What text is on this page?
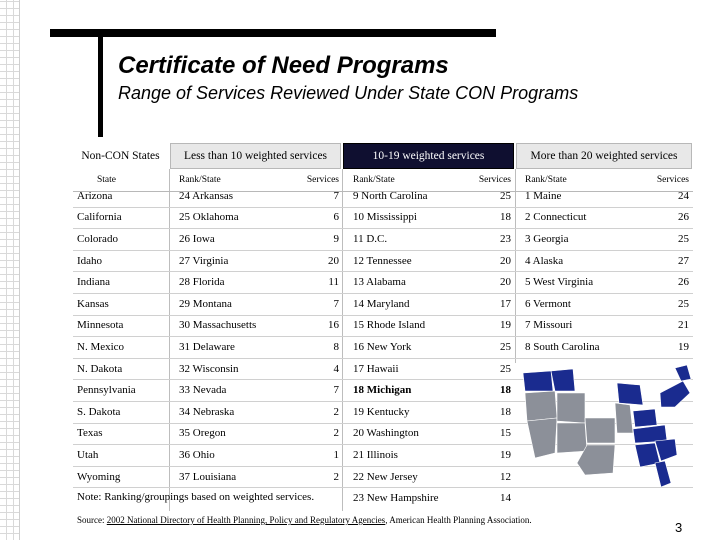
Certificate of Need Programs
Range of Services Reviewed Under State CON Programs
Non-CON States	Less than 10 weighted services	10-19 weighted services	More than 20 weighted services
State	Rank/State	Services Rank/State	Services Rank/State	Services
Arizona	24 Arkansas	7 9 North Carolina	25 1 Maine	24
California	25 Oklahoma	6 10 Mississippi	18 2 Connecticut	26
Colorado	26 Iowa	9 11 D.C.	23 3 Georgia	25
Idaho	27 Virginia	20 12 Tennessee	20 4 Alaska	27
Indiana	28 Florida	11 13 Alabama	20 5 West Virginia	26
Kansas	29 Montana	7 14 Maryland	17 6 Vermont	25
Minnesota	30 Massachusetts	16 15 Rhode Island	19 7 Missouri	21
N. Mexico	31 Delaware	8 16 New York	25 8 South Carolina	19
N. Dakota	32 Wisconsin	4 17 Hawaii	25
Pennsylvania	33 Nevada	7 18 Michigan	18
S. Dakota	34 Nebraska	2 19 Kentucky	18
Texas	35 Oregon	2 20 Washington	15
Utah	36 Ohio	1 21 Illinois	19
Wyoming	37 Louisiana	2 22 New Jersey	12
23 New Hampshire	14
Note: Ranking/groupings based on weighted services.
Source: 2002 National Directory of Health Planning, Policy and Regulatory Agencies, American Health Planning Association.	3
